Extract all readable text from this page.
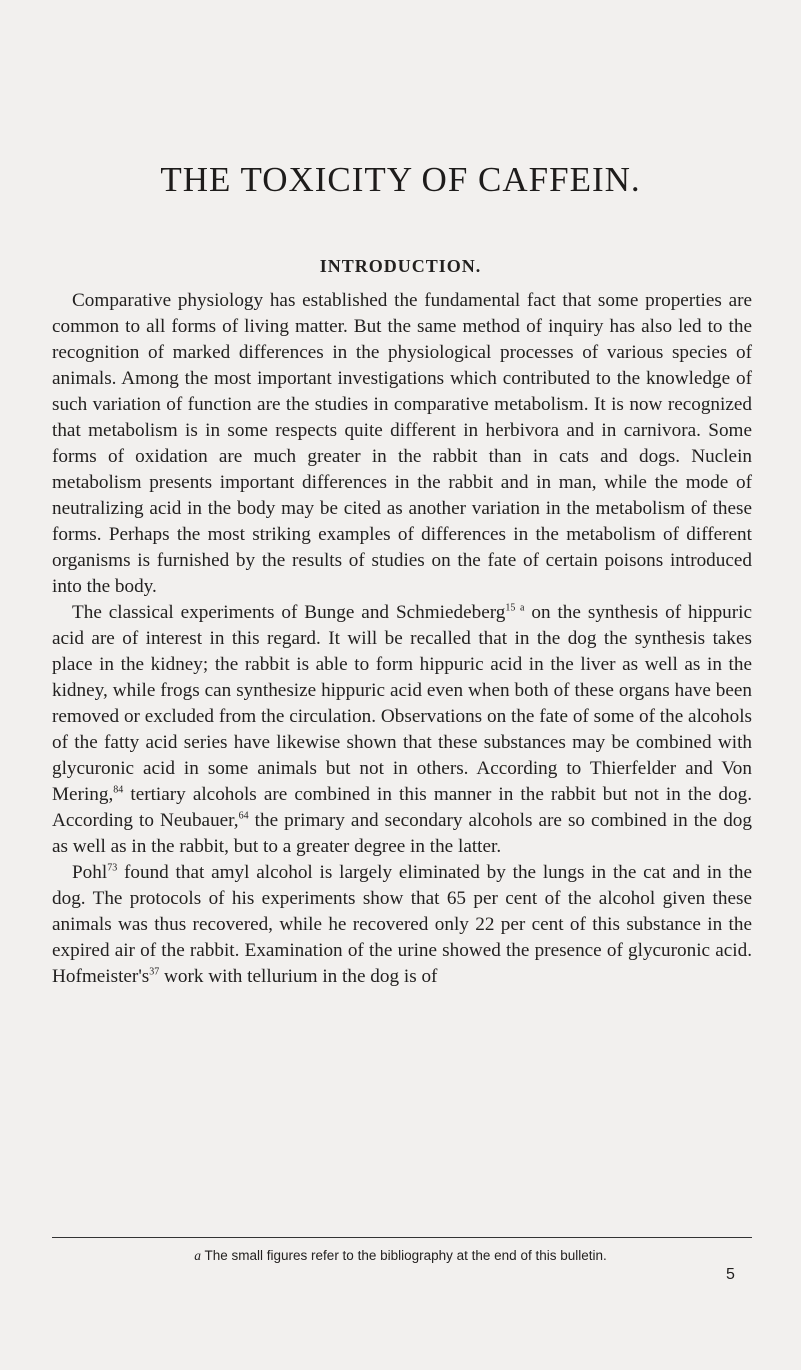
THE TOXICITY OF CAFFEIN.
INTRODUCTION.

Comparative physiology has established the fundamental fact that some properties are common to all forms of living matter. But the same method of inquiry has also led to the recognition of marked differences in the physiological processes of various species of animals. Among the most important investigations which contributed to the knowledge of such variation of function are the studies in comparative metabolism. It is now recognized that metabolism is in some respects quite different in herbivora and in carnivora. Some forms of oxidation are much greater in the rabbit than in cats and dogs. Nuclein metabolism presents important differences in the rabbit and in man, while the mode of neutralizing acid in the body may be cited as another variation in the metabolism of these forms. Perhaps the most striking examples of differences in the metabolism of different organisms is furnished by the results of studies on the fate of certain poisons introduced into the body.

The classical experiments of Bunge and Schmiedeberg$^{15 a}$ on the synthesis of hippuric acid are of interest in this regard. It will be recalled that in the dog the synthesis takes place in the kidney; the rabbit is able to form hippuric acid in the liver as well as in the kidney, while frogs can synthesize hippuric acid even when both of these organs have been removed or excluded from the circulation. Observations on the fate of some of the alcohols of the fatty acid series have likewise shown that these substances may be combined with glycuronic acid in some animals but not in others. According to Thierfelder and Von Mering,$^{84}$ tertiary alcohols are combined in this manner in the rabbit but not in the dog. According to Neubauer,$^{64}$ the primary and secondary alcohols are so combined in the dog as well as in the rabbit, but to a greater degree in the latter.

Pohl$^{73}$ found that amyl alcohol is largely eliminated by the lungs in the cat and in the dog. The protocols of his experiments show that 65 per cent of the alcohol given these animals was thus recovered, while he recovered only 22 per cent of this substance in the expired air of the rabbit. Examination of the urine showed the presence of glycuronic acid. $Hofmeister's^{37}$ work with tellurium in the dog is of

a The small figures refer to the bibliography at the end of this bulletin.
5
